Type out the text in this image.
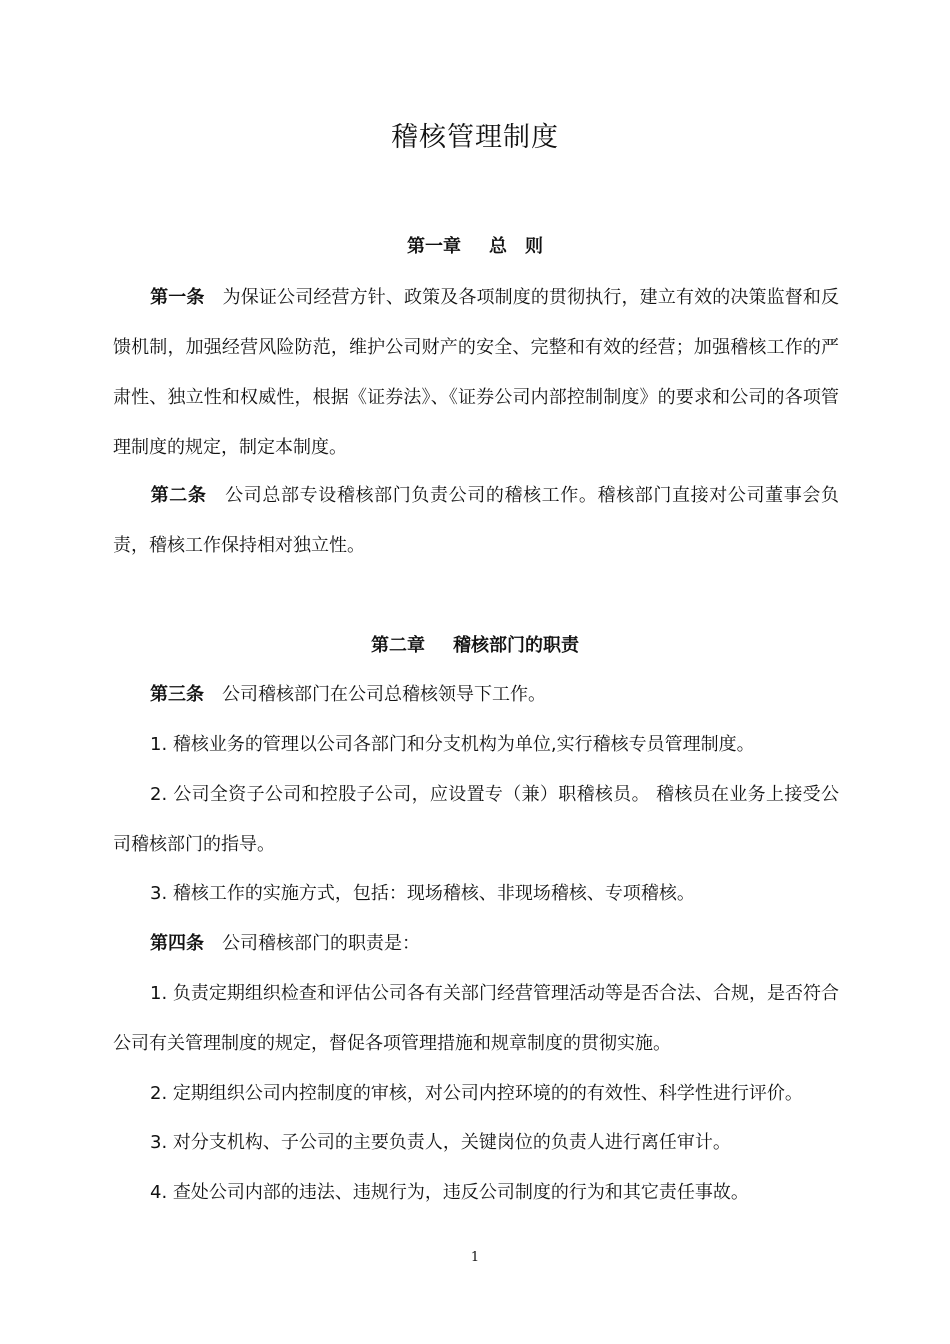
稽核管理制度
第一章 总 则
第一条 为保证公司经营方针、政策及各项制度的贯彻执行，建立有效的决策监督和反馈机制，加强经营风险防范，维护公司财产的安全、完整和有效的经营；加强稽核工作的严肃性、独立性和权威性，根据《证券法》、《证券公司内部控制制度》的要求和公司的各项管理制度的规定，制定本制度。
第二条 公司总部专设稽核部门负责公司的稽核工作。稽核部门直接对公司董事会负责，稽核工作保持相对独立性。
第二章 稽核部门的职责
第三条 公司稽核部门在公司总稽核领导下工作。
1. 稽核业务的管理以公司各部门和分支机构为单位,实行稽核专员管理制度。
2. 公司全资子公司和控股子公司，应设置专（兼）职稽核员。 稽核员在业务上接受公司稽核部门的指导。
3. 稽核工作的实施方式，包括：现场稽核、非现场稽核、专项稽核。
第四条 公司稽核部门的职责是：
1. 负责定期组织检查和评估公司各有关部门经营管理活动等是否合法、合规，是否符合公司有关管理制度的规定，督促各项管理措施和规章制度的贯彻实施。
2. 定期组织公司内控制度的审核，对公司内控环境的的有效性、科学性进行评价。
3. 对分支机构、子公司的主要负责人，关键岗位的负责人进行离任审计。
4. 查处公司内部的违法、违规行为，违反公司制度的行为和其它责任事故。
1
